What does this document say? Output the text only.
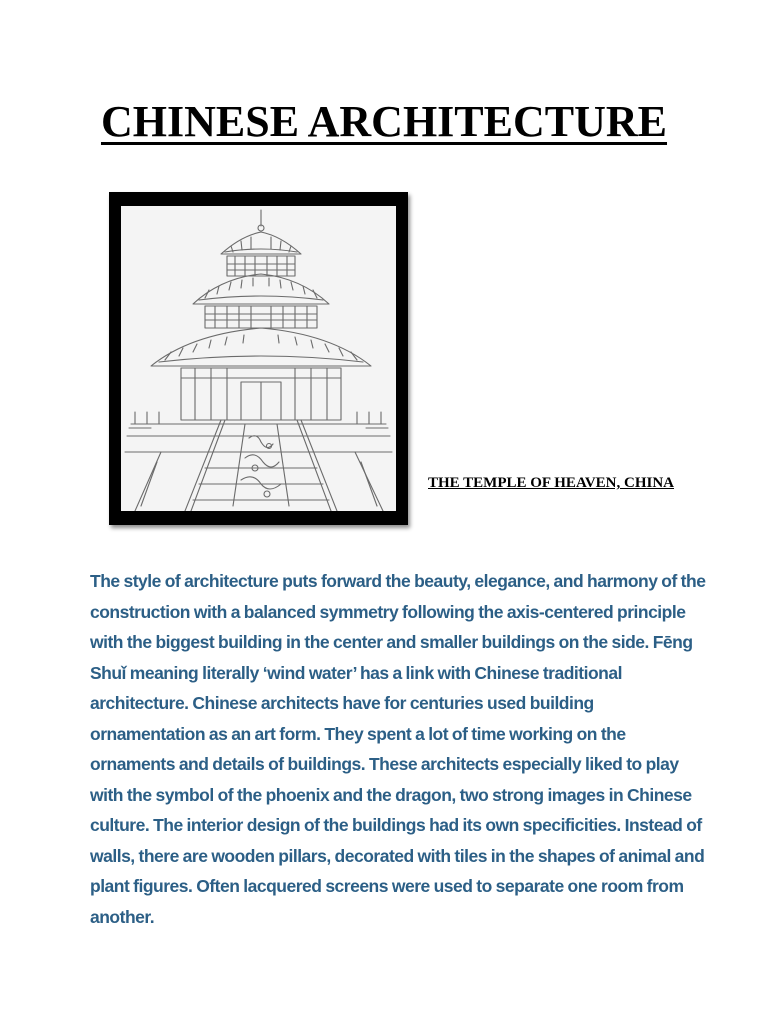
CHINESE ARCHITECTURE

THE TEMPLE OF HEAVEN, CHINA

The style of architecture puts forward the beauty, elegance, and harmony of the construction with a balanced symmetry following the axis-centered principle with the biggest building in the center and smaller buildings on the side. Fēng Shuǐ meaning literally ‘wind water’ has a link with Chinese traditional architecture. Chinese architects have for centuries used building ornamentation as an art form. They spent a lot of time working on the ornaments and details of buildings. These architects especially liked to play with the symbol of the phoenix and the dragon, two strong images in Chinese culture. The interior design of the buildings had its own specificities. Instead of walls, there are wooden pillars, decorated with tiles in the shapes of animal and plant figures. Often lacquered screens were used to separate one room from another.
